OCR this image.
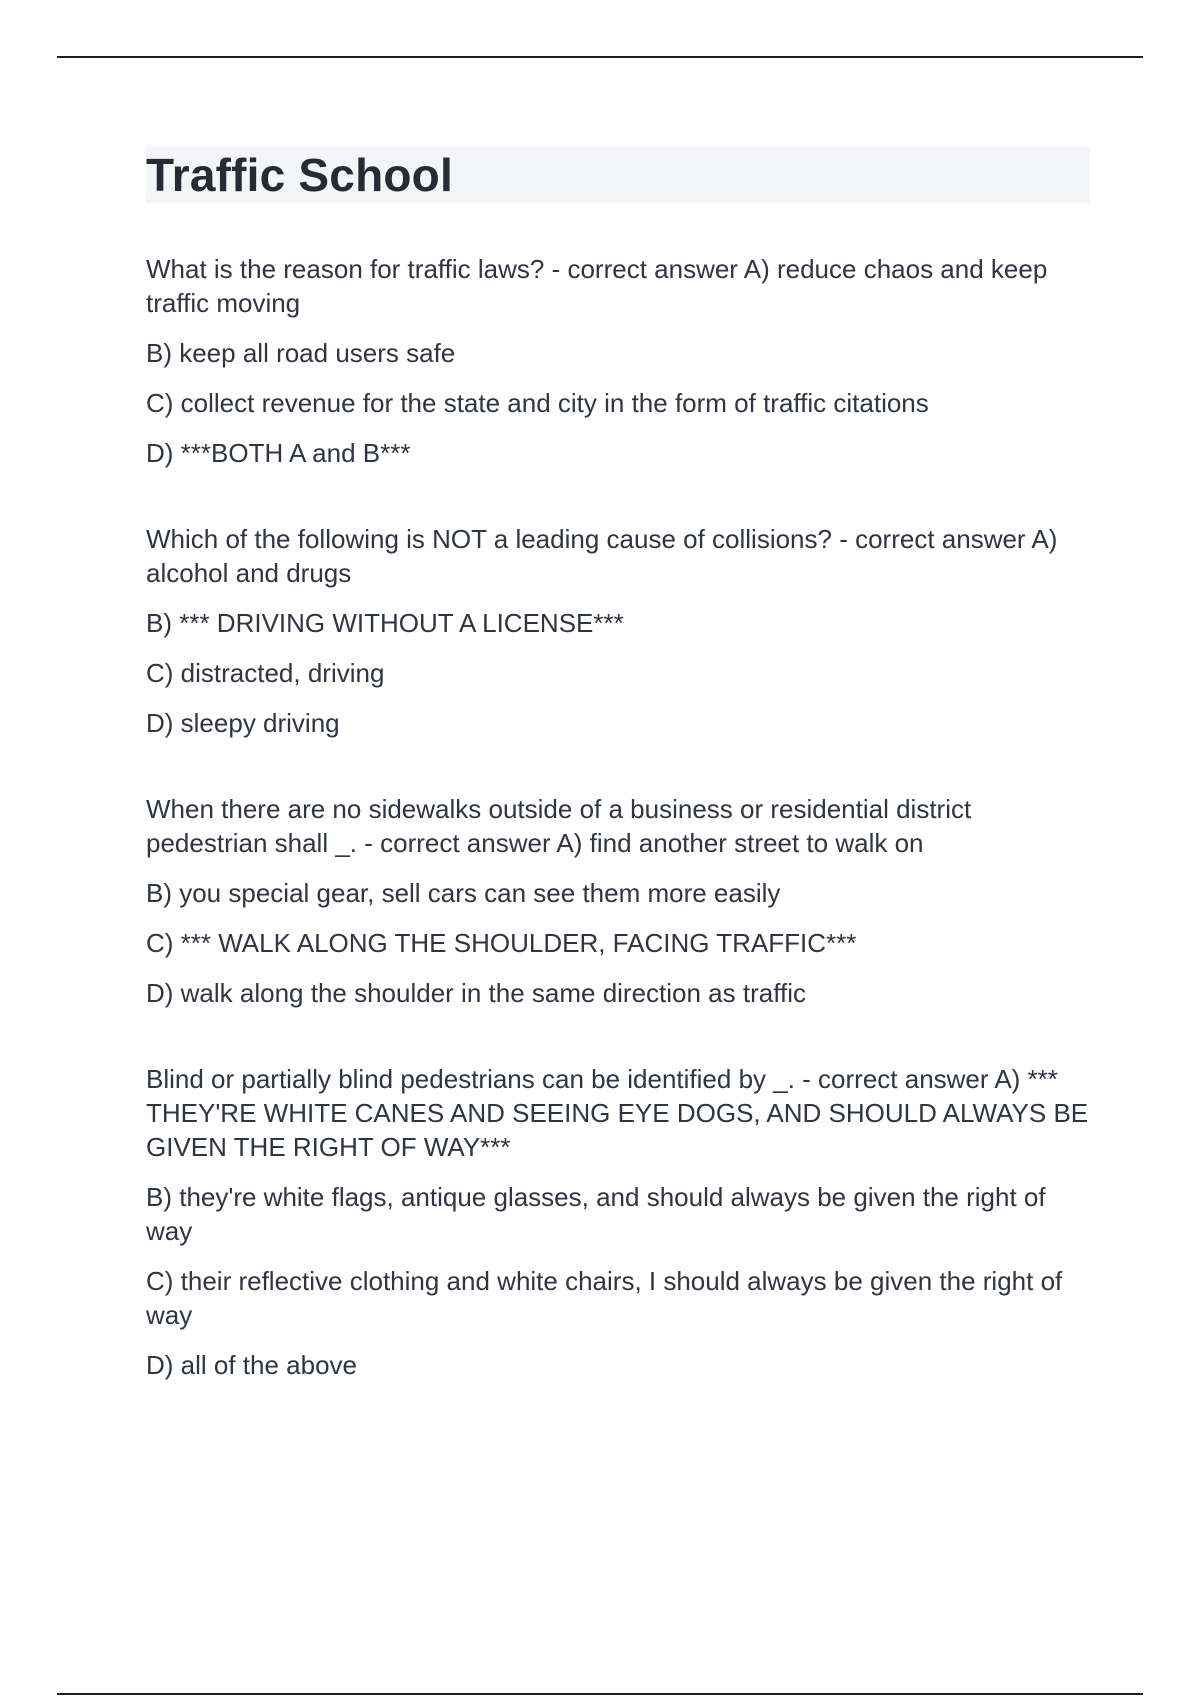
Traffic School

What is the reason for traffic laws? - correct answer A) reduce chaos and keep traffic moving

B) keep all road users safe

C) collect revenue for the state and city in the form of traffic citations

D) ***BOTH A and B***

Which of the following is NOT a leading cause of collisions? - correct answer A) alcohol and drugs

B) *** DRIVING WITHOUT A LICENSE***

C) distracted, driving

D) sleepy driving

When there are no sidewalks outside of a business or residential district pedestrian shall _. - correct answer A) find another street to walk on

B) you special gear, sell cars can see them more easily

C) *** WALK ALONG THE SHOULDER, FACING TRAFFIC***

D) walk along the shoulder in the same direction as traffic

Blind or partially blind pedestrians can be identified by _. - correct answer A) *** THEY'RE WHITE CANES AND SEEING EYE DOGS, AND SHOULD ALWAYS BE GIVEN THE RIGHT OF WAY***

B) they're white flags, antique glasses, and should always be given the right of way

C) their reflective clothing and white chairs, I should always be given the right of way

D) all of the above
